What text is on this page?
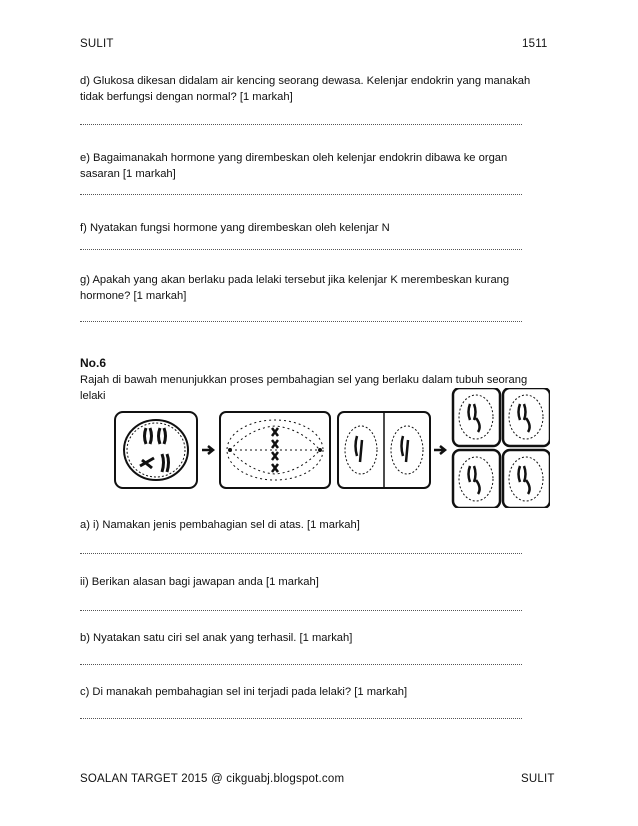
SULIT	1511
d) Glukosa dikesan didalam air kencing seorang dewasa. Kelenjar endokrin yang manakah tidak berfungsi dengan normal? [1 markah]
e) Bagaimanakah hormone yang dirembeskan oleh kelenjar endokrin dibawa ke organ sasaran [1 markah]
f) Nyatakan fungsi hormone yang dirembeskan oleh kelenjar N
g) Apakah yang akan berlaku pada lelaki tersebut jika kelenjar K merembeskan kurang hormone? [1 markah]
No.6
Rajah di bawah menunjukkan proses pembahagian sel yang berlaku dalam tubuh seorang lelaki
a) i) Namakan jenis pembahagian sel di atas. [1 markah]
ii) Berikan alasan bagi jawapan anda [1 markah]
b) Nyatakan satu ciri sel anak yang terhasil. [1 markah]
c) Di manakah pembahagian sel ini terjadi pada lelaki? [1 markah]
SOALAN TARGET 2015 @ cikguabj.blogspot.com	SULIT
